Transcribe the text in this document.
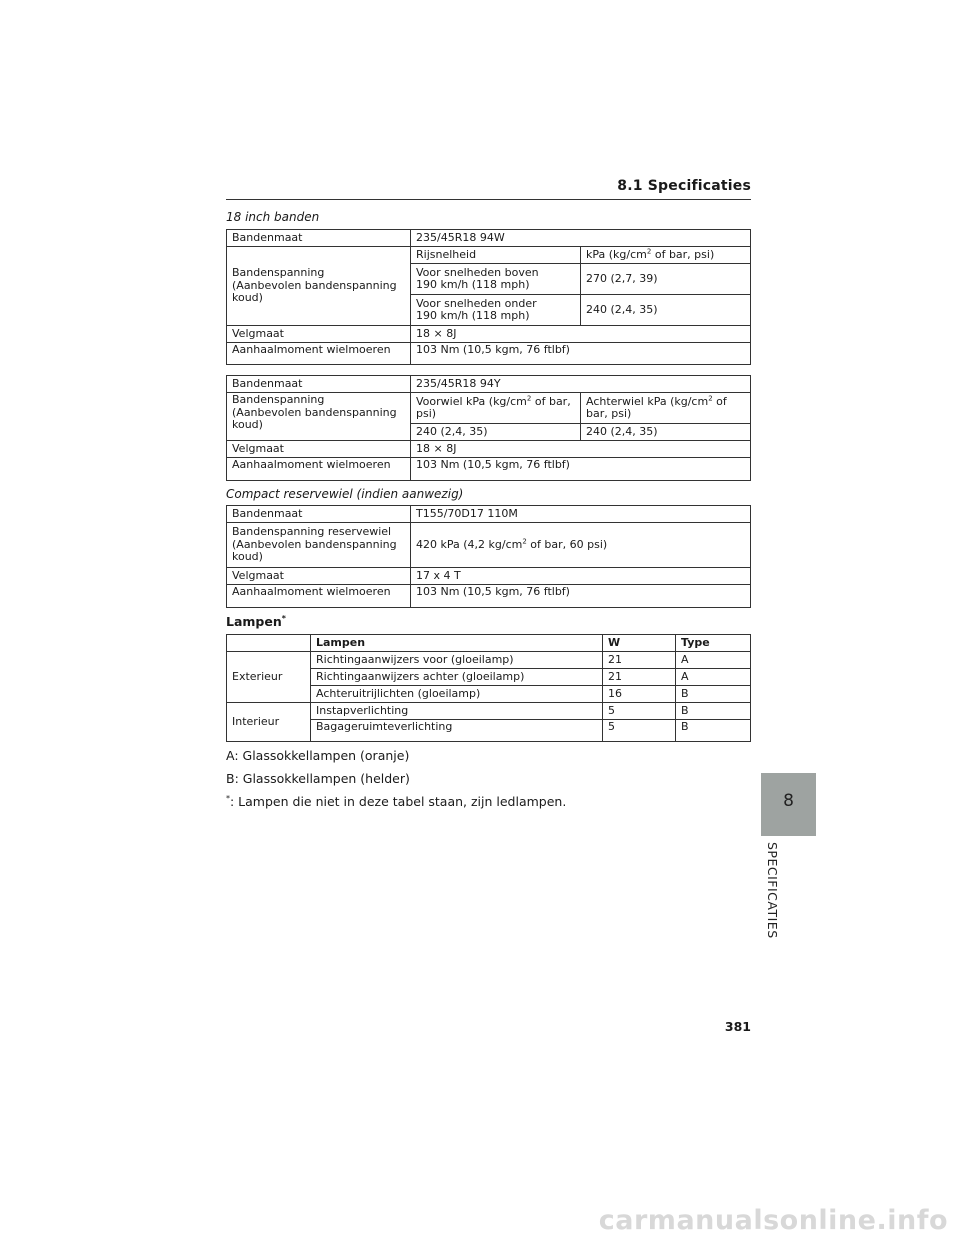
8.1 Specificaties
18 inch banden
Bandenmaat	235/45R18 94W	
Bandenspanning
(Aanbevolen bandenspanning koud)	Rijsnelheid	kPa ($kg/cm^2$ of bar, psi)
	Voor snelheden boven
190 km/h (118 mph)	270 (2,7, 39)
	Voor snelheden onder
190 km/h (118 mph)	240 (2,4, 35)
Velgmaat	18 × 8J	
Aanhaalmoment wielmoeren	103 Nm (10,5 kgm, 76 ftlbf)	
Bandenmaat	235/45R18 94Y	
Bandenspanning
(Aanbevolen bandenspanning koud)	Voorwiel kPa ($kg/cm^2$ of bar, psi)	Achterwiel kPa ($kg/cm^2$ of bar, psi)
	240 (2,4, 35)	240 (2,4, 35)
Velgmaat	18 × 8J	
Aanhaalmoment wielmoeren	103 Nm (10,5 kgm, 76 ftlbf)	
Compact reservewiel (indien aanwezig)
Bandenmaat	T155/70D17 110M
Bandenspanning reservewiel
(Aanbevolen bandenspanning koud)	420 kPa (4,2 $kg/cm^2$ of bar, 60 psi)
Velgmaat	17 x 4 T
Aanhaalmoment wielmoeren	103 Nm (10,5 kgm, 76 ftlbf)
Lampen*
	Lampen	W	Type
Exterieur	Richtingaanwijzers voor (gloeilamp)	21	A
	Richtingaanwijzers achter (gloeilamp)	21	A
	Achteruitrijlichten (gloeilamp)	16	B
Interieur	Instapverlichting	5	B
	Bagageruimteverlichting	5	B
A: Glassokkellampen (oranje)
B: Glassokkellampen (helder)
*: Lampen die niet in deze tabel staan, zijn ledlampen.	8
SPECIFICATIES
381
carmanualsonline.info
